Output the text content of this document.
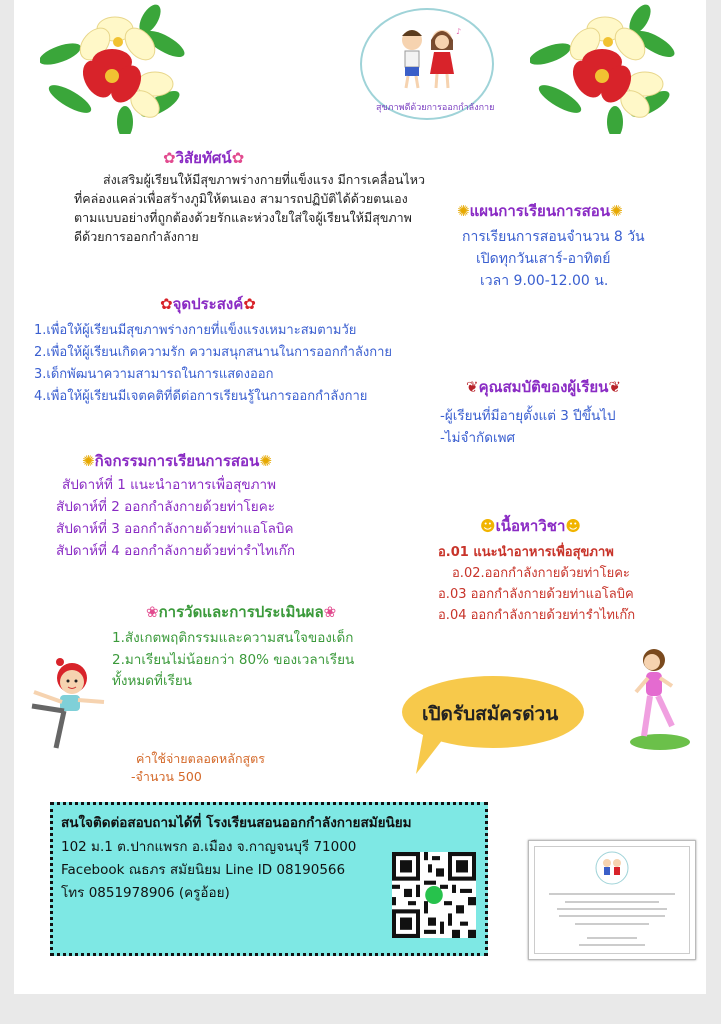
♪
สุขภาพดีด้วยการออกกำลังกาย
✿วิสัยทัศน์✿
ส่งเสริมผู้เรียนให้มีสุขภาพร่างกายที่แข็งแรง มีการเคลื่อนไหว
ที่คล่องแคล่วเพื่อสร้างภูมิให้ตนเอง สามารถปฏิบัติได้ด้วยตนเอง
ตามแบบอย่างที่ถูกต้องด้วยรักและห่วงใยใส่ใจผู้เรียนให้มีสุขภาพ
ดีด้วยการออกกำลังกาย
✺แผนการเรียนการสอน✺
การเรียนการสอนจำนวน 8 วัน
เปิดทุกวันเสาร์-อาทิตย์
เวลา 9.00-12.00 น.
✿จุดประสงค์✿
1.เพื่อให้ผู้เรียนมีสุขภาพร่างกายที่แข็งแรงเหมาะสมตามวัย
2.เพื่อให้ผู้เรียนเกิดความรัก ความสนุกสนานในการออกกำลังกาย
3.เด็กพัฒนาความสามารถในการแสดงออก
4.เพื่อให้ผู้เรียนมีเจตคติที่ดีต่อการเรียนรู้ในการออกกำลังกาย
❦คุณสมบัติของผู้เรียน❦
-ผู้เรียนที่มีอายุตั้งแต่ 3 ปีขึ้นไป
-ไม่จำกัดเพศ
✺กิจกรรมการเรียนการสอน✺
สัปดาห์ที่ 1 แนะนำอาหารเพื่อสุขภาพ
สัปดาห์ที่ 2 ออกกำลังกายด้วยท่าโยคะ
สัปดาห์ที่ 3 ออกกำลังกายด้วยท่าแอโลบิค
สัปดาห์ที่ 4 ออกกำลังกายด้วยท่ารำไทเก๊ก
☻เนื้อหาวิชา☻
อ.01 แนะนำอาหารเพื่อสุขภาพ
อ.02.ออกกำลังกายด้วยท่าโยคะ
อ.03 ออกกำลังกายด้วยท่าแอโลบิค
อ.04 ออกกำลังกายด้วยท่ารำไทเก๊ก
❀การวัดและการประเมินผล❀
1.สังเกตพฤติกรรมและความสนใจของเด็ก
2.มาเรียนไม่น้อยกว่า 80% ของเวลาเรียน
ทั้งหมดที่เรียน
ค่าใช้จ่ายตลอดหลักสูตร
-จำนวน 500
เปิดรับสมัครด่วน
สนใจติดต่อสอบถามได้ที่ โรงเรียนสอนออกกำลังกายสมัยนิยม
102 ม.1 ต.ปากแพรก อ.เมือง จ.กาญจนบุรี 71000
Facebook ณธภร สมัยนิยม Line ID 08190566
โทร 0851978906 (ครูอ้อย)
